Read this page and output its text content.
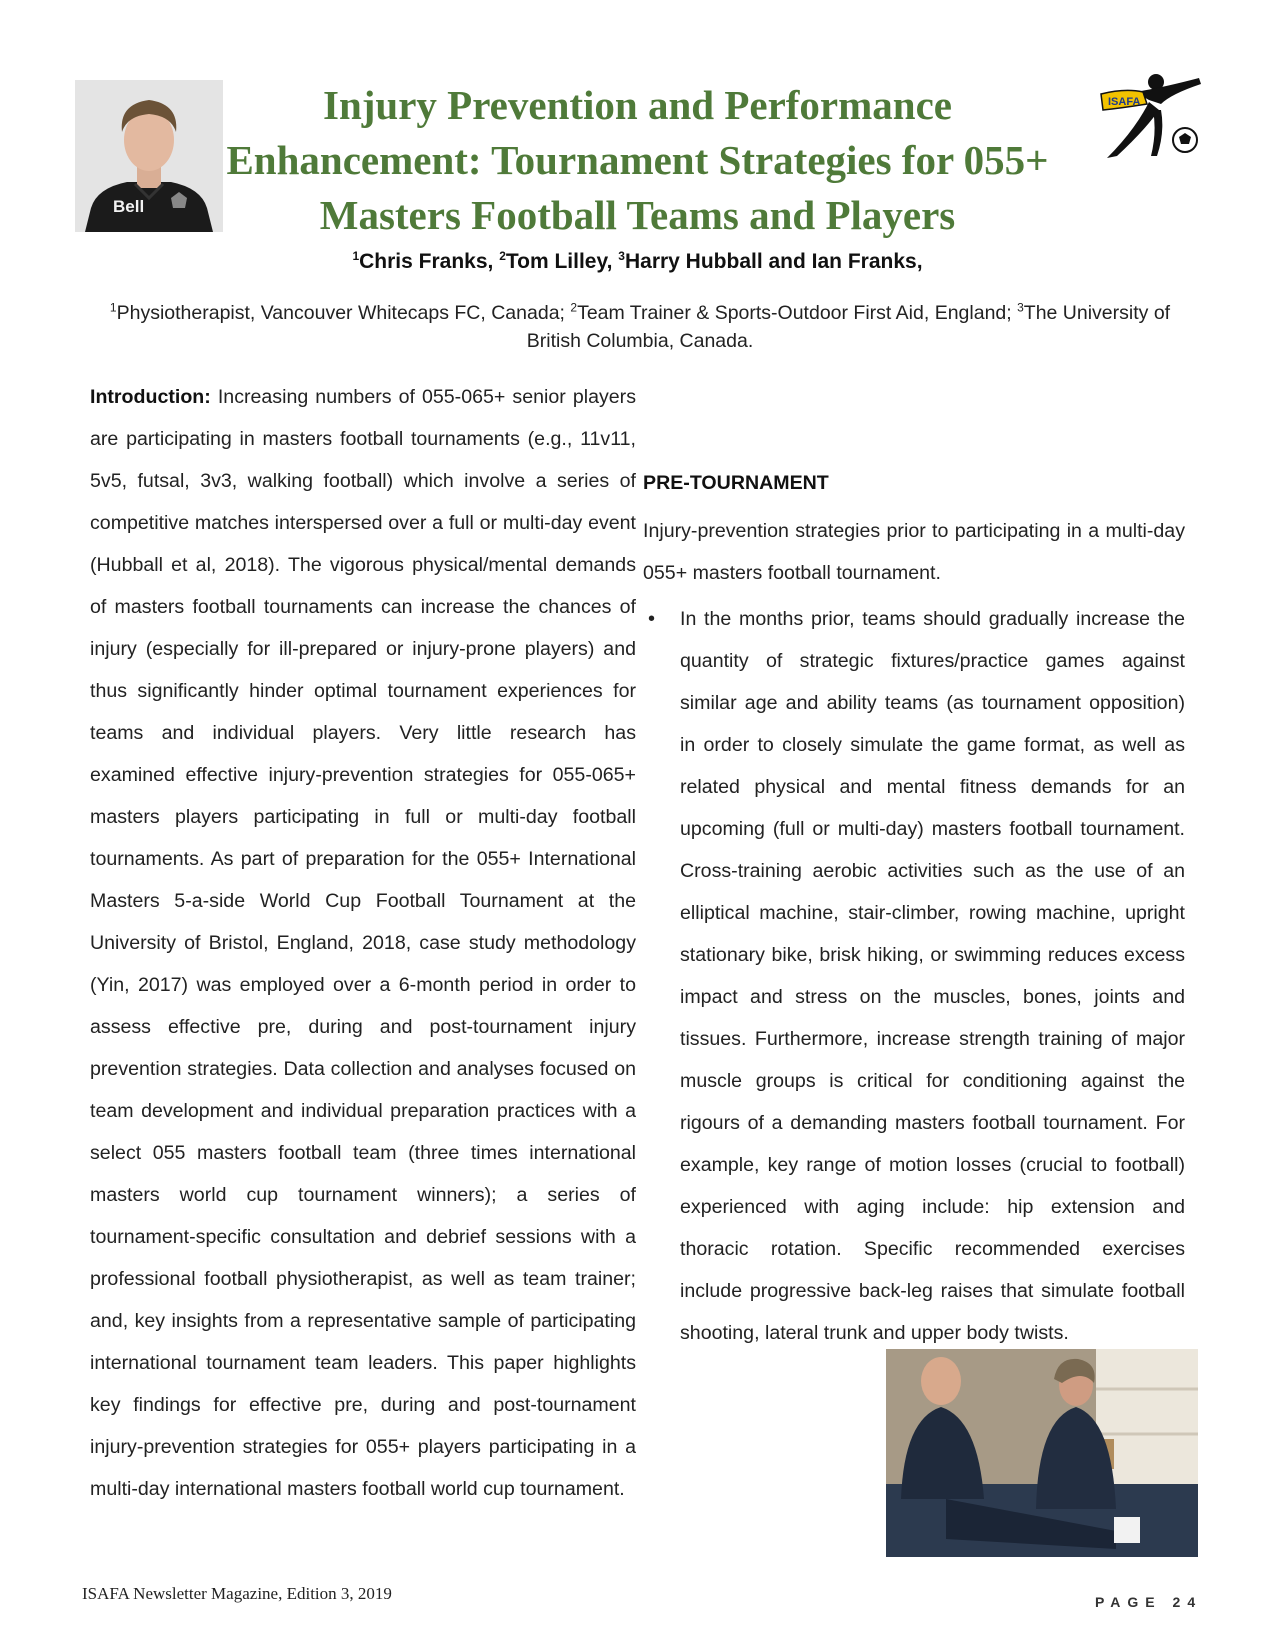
Bell
Injury Prevention and Performance
Enhancement: Tournament Strategies for 055+
Masters Football Teams and Players
ISAFA
$^1$Chris Franks, $^2$Tom Lilley, $^3$Harry Hubball and Ian Franks,
$^1$Physiotherapist, Vancouver Whitecaps FC, Canada; $^2$Team Trainer & Sports-Outdoor First Aid, England; $^3$The University of British Columbia, Canada.
Introduction: Increasing numbers of 055-065+ senior players are participating in masters football tournaments (e.g., 11v11, 5v5, futsal, 3v3, walking football) which involve a series of competitive matches interspersed over a full or multi-day event (Hubball et al, 2018). The vigorous physical/mental demands of masters football tournaments can increase the chances of injury (especially for ill-prepared or injury-prone players) and thus significantly hinder optimal tournament experiences for teams and individual players. Very little research has examined effective injury-prevention strategies for 055-065+ masters players participating in full or multi-day football tournaments. As part of preparation for the 055+ International Masters 5-a-side World Cup Football Tournament at the University of Bristol, England, 2018, case study methodology (Yin, 2017) was employed over a 6-month period in order to assess effective pre, during and post-tournament injury prevention strategies. Data collection and analyses focused on team development and individual preparation practices with a select 055 masters football team (three times international masters world cup tournament winners); a series of tournament-specific consultation and debrief sessions with a professional football physiotherapist, as well as team trainer; and, key insights from a representative sample of participating international tournament team leaders. This paper highlights key findings for effective pre, during and post-tournament injury-prevention strategies for 055+ players participating in a multi-day international masters football world cup tournament.
PRE-TOURNAMENT

Injury-prevention strategies prior to participating in a multi-day 055+ masters football tournament.

•	In the months prior, teams should gradually increase the quantity of strategic fixtures/practice games against similar age and ability teams (as tournament opposition) in order to closely simulate the game format, as well as related physical and mental fitness demands for an upcoming (full or multi-day) masters football tournament. Cross-training aerobic activities such as the use of an elliptical machine, stair-climber, rowing machine, upright stationary bike, brisk hiking, or swimming reduces excess impact and stress on the muscles, bones, joints and tissues. Furthermore, increase strength training of major muscle groups is critical for conditioning against the rigours of a demanding masters football tournament. For example, key range of motion losses (crucial to football) experienced with aging include: hip extension and thoracic rotation. Specific recommended exercises include progressive back-leg raises that simulate football shooting, lateral trunk and upper body twists.
ISAFA Newsletter Magazine, Edition 3, 2019	PAGE 24
